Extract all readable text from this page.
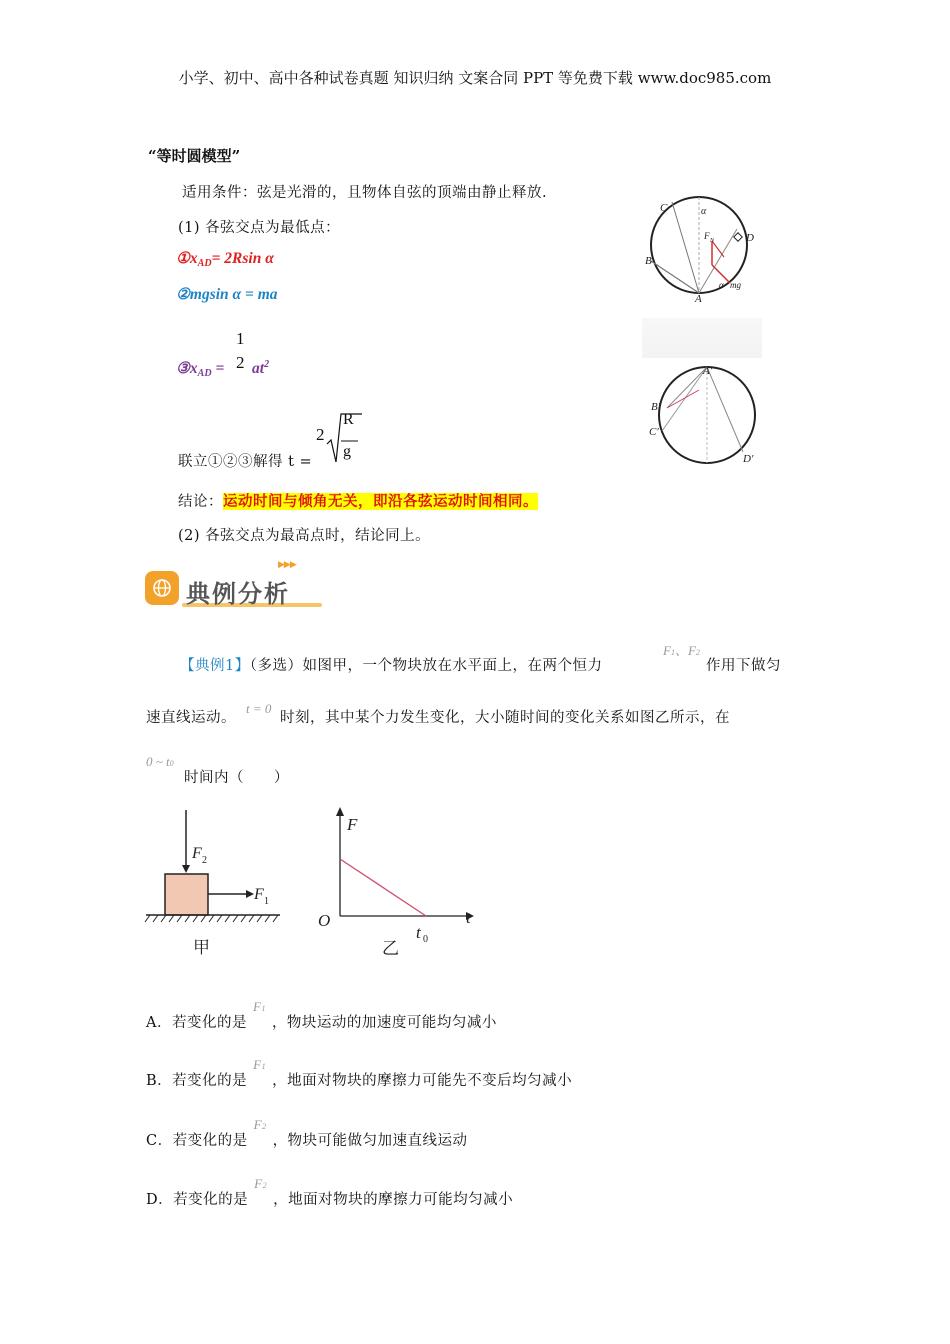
小学、初中、高中各种试卷真题 知识归纳 文案合同 PPT 等免费下载 www.doc985.com
“等时圆模型”
适用条件：弦是光滑的，且物体自弦的顶端由静止释放.
(1) 各弦交点为最低点：
$①x_{AD}= 2Rsin$ α
②mgsin α = ma
$③x_{AD}$ =
1
2 $at^2$
联立①②③解得 t =
2
R
g
结论：运动时间与倾角无关，即沿各弦运动时间相同。
(2) 各弦交点为最高点时，结论同上。
C
D
B
A
α
α mg
F N
A′
B′
C′
D′
▶▶▶
典例分析
【典例1】（多选）如图甲，一个物块放在水平面上，在两个恒力
F1、F2
作用下做匀
速直线运动。
t = 0
时刻，其中某个力发生变化，大小随时间的变化关系如图乙所示，在
0 ~ t0
时间内（　　）
F 2
F 1
甲
F
t
O
t 0
乙
A．若变化的是F1，物块运动的加速度可能均匀减小
B．若变化的是F1，地面对物块的摩擦力可能先不变后均匀减小
C．若变化的是F2，物块可能做匀加速直线运动
D．若变化的是F2，地面对物块的摩擦力可能均匀减小
